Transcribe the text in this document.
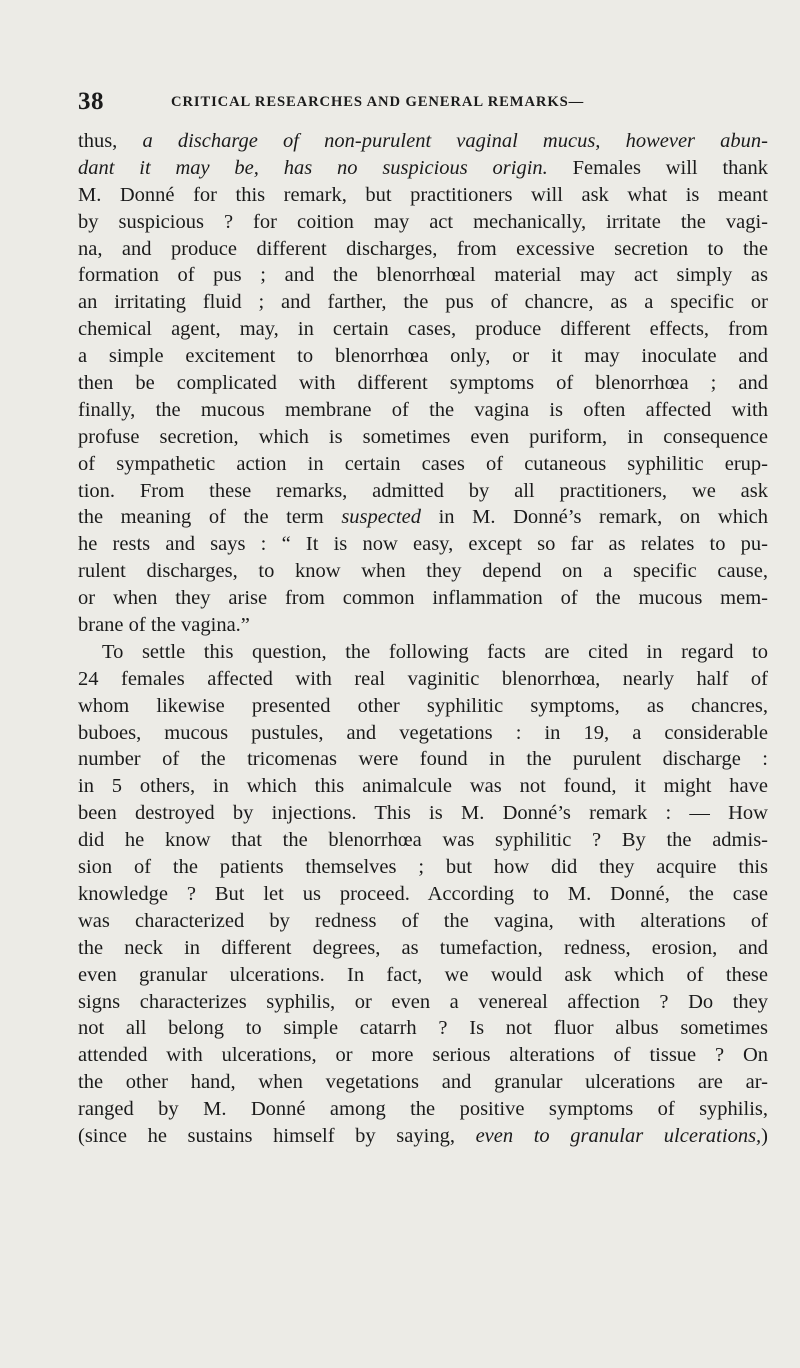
38	CRITICAL RESEARCHES AND GENERAL REMARKS—
thus, a discharge of non-purulent vaginal mucus, however abun-
dant it may be, has no suspicious origin. Females will thank
M. Donné for this remark, but practitioners will ask what is meant
by suspicious ? for coition may act mechanically, irritate the vagi-
na, and produce different discharges, from excessive secretion to the
formation of pus ; and the blenorrhœal material may act simply as
an irritating fluid ; and farther, the pus of chancre, as a specific or
chemical agent, may, in certain cases, produce different effects, from
a simple excitement to blenorrhœa only, or it may inoculate and
then be complicated with different symptoms of blenorrhœa ; and
finally, the mucous membrane of the vagina is often affected with
profuse secretion, which is sometimes even puriform, in consequence
of sympathetic action in certain cases of cutaneous syphilitic erup-
tion. From these remarks, admitted by all practitioners, we ask
the meaning of the term suspected in M. Donné’s remark, on which
he rests and says : “ It is now easy, except so far as relates to pu-
rulent discharges, to know when they depend on a specific cause,
or when they arise from common inflammation of the mucous mem-
brane of the vagina.”
To settle this question, the following facts are cited in regard to
24 females affected with real vaginitic blenorrhœa, nearly half of
whom likewise presented other syphilitic symptoms, as chancres,
buboes, mucous pustules, and vegetations : in 19, a considerable
number of the tricomenas were found in the purulent discharge :
in 5 others, in which this animalcule was not found, it might have
been destroyed by injections. This is M. Donné’s remark : — How
did he know that the blenorrhœa was syphilitic ? By the admis-
sion of the patients themselves ; but how did they acquire this
knowledge ? But let us proceed. According to M. Donné, the case
was characterized by redness of the vagina, with alterations of
the neck in different degrees, as tumefaction, redness, erosion, and
even granular ulcerations. In fact, we would ask which of these
signs characterizes syphilis, or even a venereal affection ? Do they
not all belong to simple catarrh ? Is not fluor albus sometimes
attended with ulcerations, or more serious alterations of tissue ? On
the other hand, when vegetations and granular ulcerations are ar-
ranged by M. Donné among the positive symptoms of syphilis,
(since he sustains himself by saying, even to granular ulcerations,)
